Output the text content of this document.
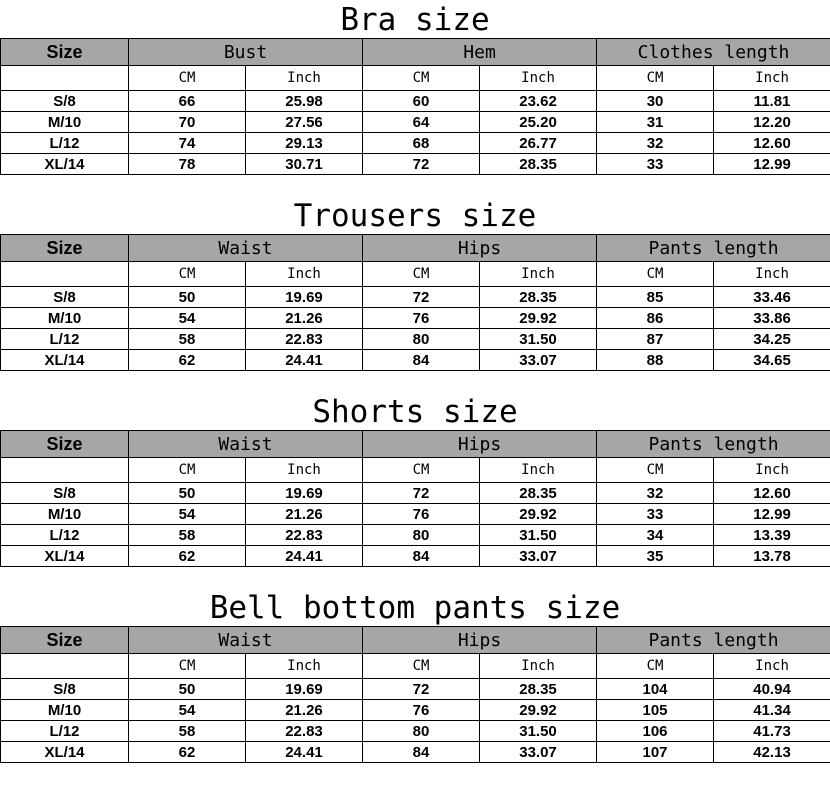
Bra size
Size	Bust		Hem		Clothes length	
	CM	Inch	CM	Inch	CM	Inch
S/8	66	25.98	60	23.62	30	11.81
M/10	70	27.56	64	25.20	31	12.20
L/12	74	29.13	68	26.77	32	12.60
XL/14	78	30.71	72	28.35	33	12.99
Trousers size
Size	Waist		Hips		Pants length	
	CM	Inch	CM	Inch	CM	Inch
S/8	50	19.69	72	28.35	85	33.46
M/10	54	21.26	76	29.92	86	33.86
L/12	58	22.83	80	31.50	87	34.25
XL/14	62	24.41	84	33.07	88	34.65
Shorts size
Size	Waist		Hips		Pants length	
	CM	Inch	CM	Inch	CM	Inch
S/8	50	19.69	72	28.35	32	12.60
M/10	54	21.26	76	29.92	33	12.99
L/12	58	22.83	80	31.50	34	13.39
XL/14	62	24.41	84	33.07	35	13.78
Bell bottom pants size
Size	Waist		Hips		Pants length	
	CM	Inch	CM	Inch	CM	Inch
S/8	50	19.69	72	28.35	104	40.94
M/10	54	21.26	76	29.92	105	41.34
L/12	58	22.83	80	31.50	106	41.73
XL/14	62	24.41	84	33.07	107	42.13
